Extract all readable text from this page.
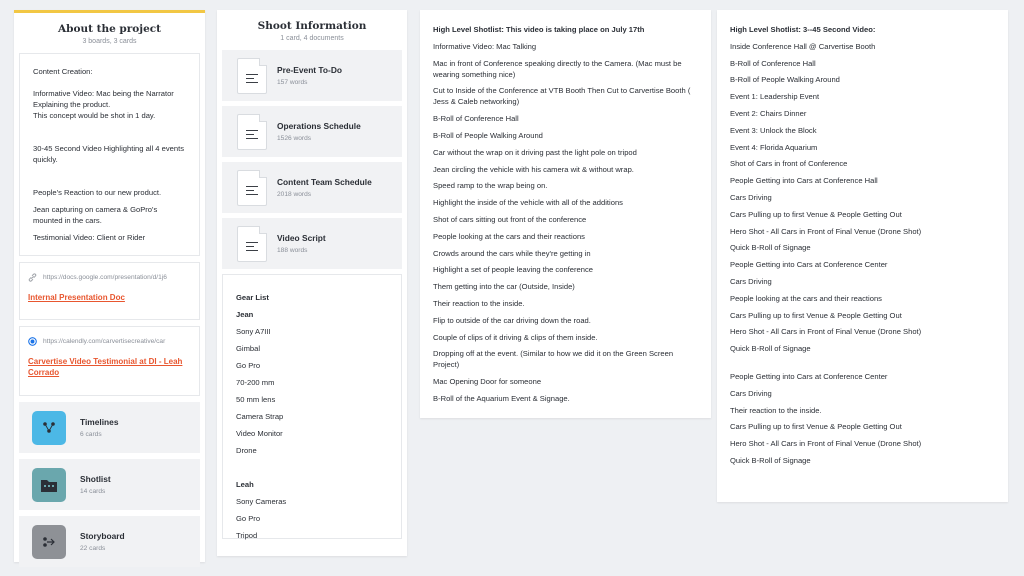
About the project
3 boards, 3 cards

Content Creation:

Informative Video: Mac being the Narrator Explaining the product.

This concept would be shot in 1 day.

30-45 Second Video Highlighting all 4 events quickly.

People's Reaction to our new product.

Jean capturing on camera & GoPro's mounted in the cars.

Testimonial Video: Client or Rider

https://docs.google.com/presentation/d/1j6
Internal Presentation Doc
https://calendly.com/carvertisecreative/car
Carvertise Video Testimonial at DI - Leah Corrado
Timelines
6 cards
Shotlist
14 cards
Storyboard
22 cards
Shoot Information
1 card, 4 documents
Pre-Event To-Do
157 words
Operations Schedule
1526 words
Content Team Schedule
2018 words
Video Script
188 words

Gear List

Jean

Sony A7III

Gimbal

Go Pro

70-200 mm

50 mm lens

Camera Strap

Video Monitor

Drone

Leah

Sony Cameras

Go Pro

Tripod

High Level Shotlist: This video is taking place on July 17th

Informative Video: Mac Talking

Mac in front of Conference speaking directly to the Camera. (Mac must be wearing something nice)

Cut to Inside of the Conference at VTB Booth Then Cut to Carvertise Booth ( Jess & Caleb networking)

B-Roll of Conference Hall

B-Roll of People Walking Around

Car without the wrap on it driving past the light pole on tripod

Jean circling the vehicle with his camera wit & without wrap.

Speed ramp to the wrap being on.

Highlight the inside of the vehicle with all of the additions

Shot of cars sitting out front of the conference

People looking at the cars and their reactions

Crowds around the cars while they're getting in

Highlight a set of people leaving the conference

Them getting into the car (Outside, Inside)

Their reaction to the inside.

Flip to outside of the car driving down the road.

Couple of clips of it driving & clips of them inside.

Dropping off at the event. (Similar to how we did it on the Green Screen Project)

Mac Opening Door for someone

B-Roll of the Aquarium Event & Signage.

High Level Shotlist: 3--45 Second Video:

Inside Conference Hall @ Carvertise Booth

B-Roll of Conference Hall

B-Roll of People Walking Around

Event 1: Leadership Event

Event 2: Chairs Dinner

Event 3: Unlock the Block

Event 4: Florida Aquarium

Shot of Cars in front of Conference

People Getting into Cars at Conference Hall

Cars Driving

Cars Pulling up to first Venue & People Getting Out

Hero Shot - All Cars in Front of Final Venue (Drone Shot)

Quick B-Roll of Signage

People Getting into Cars at Conference Center

Cars Driving

People looking at the cars and their reactions

Cars Pulling up to first Venue & People Getting Out

Hero Shot - All Cars in Front of Final Venue (Drone Shot)

Quick B-Roll of Signage

People Getting into Cars at Conference Center

Cars Driving

Their reaction to the inside.

Cars Pulling up to first Venue & People Getting Out

Hero Shot - All Cars in Front of Final Venue (Drone Shot)

Quick B-Roll of Signage
